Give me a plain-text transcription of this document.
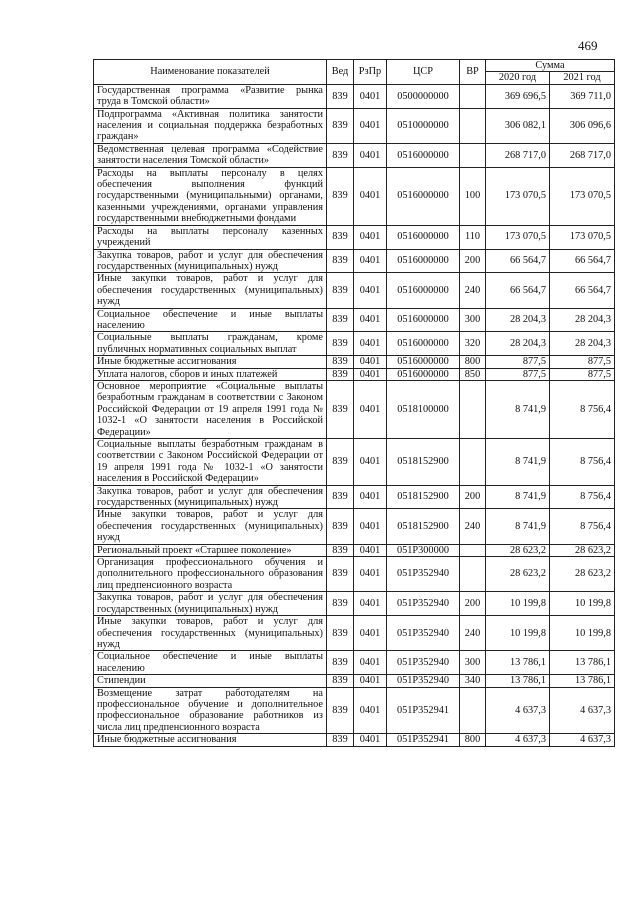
469
Наименование показателей	Вед	РзПр	ЦСР	ВР	Сумма	
					2020 год	2021 год
Государственная программа «Развитие рынка труда в Томской области»	839	0401	0500000000		369 696,5	369 711,0
Подпрограмма «Активная политика занятости населения и социальная поддержка безработных граждан»	839	0401	0510000000		306 082,1	306 096,6
Ведомственная целевая программа «Содействие занятости населения Томской области»	839	0401	0516000000		268 717,0	268 717,0
Расходы на выплаты персоналу в целях обеспечения выполнения функций государственными (муниципальными) органами, казенными учреждениями, органами управления государственными внебюджетными фондами	839	0401	0516000000	100	173 070,5	173 070,5
Расходы на выплаты персоналу казенных учреждений	839	0401	0516000000	110	173 070,5	173 070,5
Закупка товаров, работ и услуг для обеспечения государственных (муниципальных) нужд	839	0401	0516000000	200	66 564,7	66 564,7
Иные закупки товаров, работ и услуг для обеспечения государственных (муниципальных) нужд	839	0401	0516000000	240	66 564,7	66 564,7
Социальное обеспечение и иные выплаты населению	839	0401	0516000000	300	28 204,3	28 204,3
Социальные выплаты гражданам, кроме публичных нормативных социальных выплат	839	0401	0516000000	320	28 204,3	28 204,3
Иные бюджетные ассигнования	839	0401	0516000000	800	877,5	877,5
Уплата налогов, сборов и иных платежей	839	0401	0516000000	850	877,5	877,5
Основное мероприятие «Социальные выплаты безработным гражданам в соответствии с Законом Российской Федерации от 19 апреля 1991 года № 1032-1 «О занятости населения в Российской Федерации»	839	0401	0518100000		8 741,9	8 756,4
Социальные выплаты безработным гражданам в соответствии с Законом Российской Федерации от 19 апреля 1991 года № 1032-1 «О занятости населения в Российской Федерации»	839	0401	0518152900		8 741,9	8 756,4
Закупка товаров, работ и услуг для обеспечения государственных (муниципальных) нужд	839	0401	0518152900	200	8 741,9	8 756,4
Иные закупки товаров, работ и услуг для обеспечения государственных (муниципальных) нужд	839	0401	0518152900	240	8 741,9	8 756,4
Региональный проект «Старшее поколение»	839	0401	051P300000		28 623,2	28 623,2
Организация профессионального обучения и дополнительного профессионального образования лиц предпенсионного возраста	839	0401	051P352940		28 623,2	28 623,2
Закупка товаров, работ и услуг для обеспечения государственных (муниципальных) нужд	839	0401	051P352940	200	10 199,8	10 199,8
Иные закупки товаров, работ и услуг для обеспечения государственных (муниципальных) нужд	839	0401	051P352940	240	10 199,8	10 199,8
Социальное обеспечение и иные выплаты населению	839	0401	051P352940	300	13 786,1	13 786,1
Стипендии	839	0401	051P352940	340	13 786,1	13 786,1
Возмещение затрат работодателям на профессиональное обучение и дополнительное профессиональное образование работников из числа лиц предпенсионного возраста	839	0401	051P352941		4 637,3	4 637,3
Иные бюджетные ассигнования	839	0401	051P352941	800	4 637,3	4 637,3
